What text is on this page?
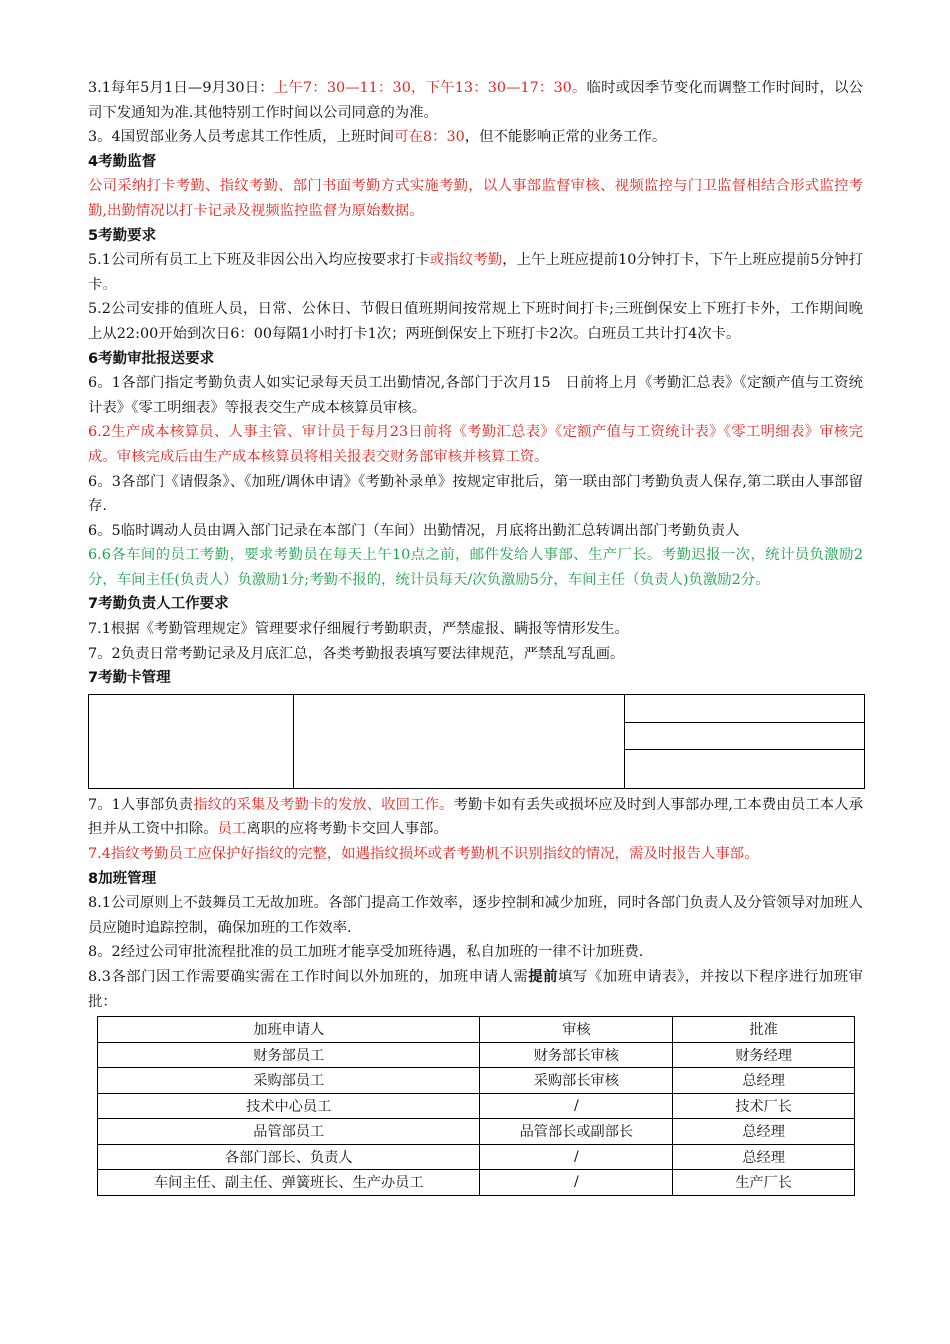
3.1每年5月1日—9月30日：上午7：30—11：30，下午13：30—17：30。临时或因季节变化而调整工作时间时，以公司下发通知为准.其他特别工作时间以公司同意的为准。

3。4国贸部业务人员考虑其工作性质，上班时间可在8：30，但不能影响正常的业务工作。

4考勤监督

公司采纳打卡考勤、指纹考勤、部门书面考勤方式实施考勤，以人事部监督审核、视频监控与门卫监督相结合形式监控考勤,出勤情况以打卡记录及视频监控监督为原始数据。

5考勤要求

5.1公司所有员工上下班及非因公出入均应按要求打卡或指纹考勤，上午上班应提前10分钟打卡，下午上班应提前5分钟打卡。

5.2公司安排的值班人员，日常、公休日、节假日值班期间按常规上下班时间打卡;三班倒保安上下班打卡外，工作期间晚上从22:00开始到次日6：00每隔1小时打卡1次；两班倒保安上下班打卡2次。白班员工共计打4次卡。

6考勤审批报送要求

6。1各部门指定考勤负责人如实记录每天员工出勤情况,各部门于次月15　日前将上月《考勤汇总表》《定额产值与工资统计表》《零工明细表》等报表交生产成本核算员审核。

6.2生产成本核算员、人事主管、审计员于每月23日前将《考勤汇总表》《定额产值与工资统计表》《零工明细表》审核完成。审核完成后由生产成本核算员将相关报表交财务部审核并核算工资。

6。3各部门《请假条》、《加班/调休申请》《考勤补录单》按规定审批后，第一联由部门考勤负责人保存,第二联由人事部留存.

6。5临时调动人员由调入部门记录在本部门（车间）出勤情况，月底将出勤汇总转调出部门考勤负责人

6.6各车间的员工考勤，要求考勤员在每天上午10点之前，邮件发给人事部、生产厂长。考勤迟报一次，统计员负激励2分，车间主任(负责人）负激励1分;考勤不报的，统计员每天/次负激励5分，车间主任（负责人)负激励2分。

7考勤负责人工作要求

7.1根据《考勤管理规定》管理要求仔细履行考勤职责，严禁虚报、瞒报等情形发生。

7。2负责日常考勤记录及月底汇总，各类考勤报表填写要法律规范，严禁乱写乱画。

7考勤卡管理

7。1人事部负责指纹的采集及考勤卡的发放、收回工作。考勤卡如有丢失或损坏应及时到人事部办理,工本费由员工本人承担并从工资中扣除。员工离职的应将考勤卡交回人事部。

7.4指纹考勤员工应保护好指纹的完整，如遇指纹损坏或者考勤机不识别指纹的情况，需及时报告人事部。

8加班管理

8.1公司原则上不鼓舞员工无故加班。各部门提高工作效率，逐步控制和减少加班，同时各部门负责人及分管领导对加班人员应随时追踪控制，确保加班的工作效率.

8。2经过公司审批流程批准的员工加班才能享受加班待遇，私自加班的一律不计加班费.

8.3各部门因工作需要确实需在工作时间以外加班的，加班申请人需提前填写《加班申请表》，并按以下程序进行加班审批：

加班申请人	审核	批准
财务部员工	财务部长审核	财务经理
采购部员工	采购部长审核	总经理
技术中心员工	/	技术厂长
品管部员工	品管部长或副部长	总经理
各部门部长、负责人	/	总经理
车间主任、副主任、弹簧班长、生产办员工	/	生产厂长
